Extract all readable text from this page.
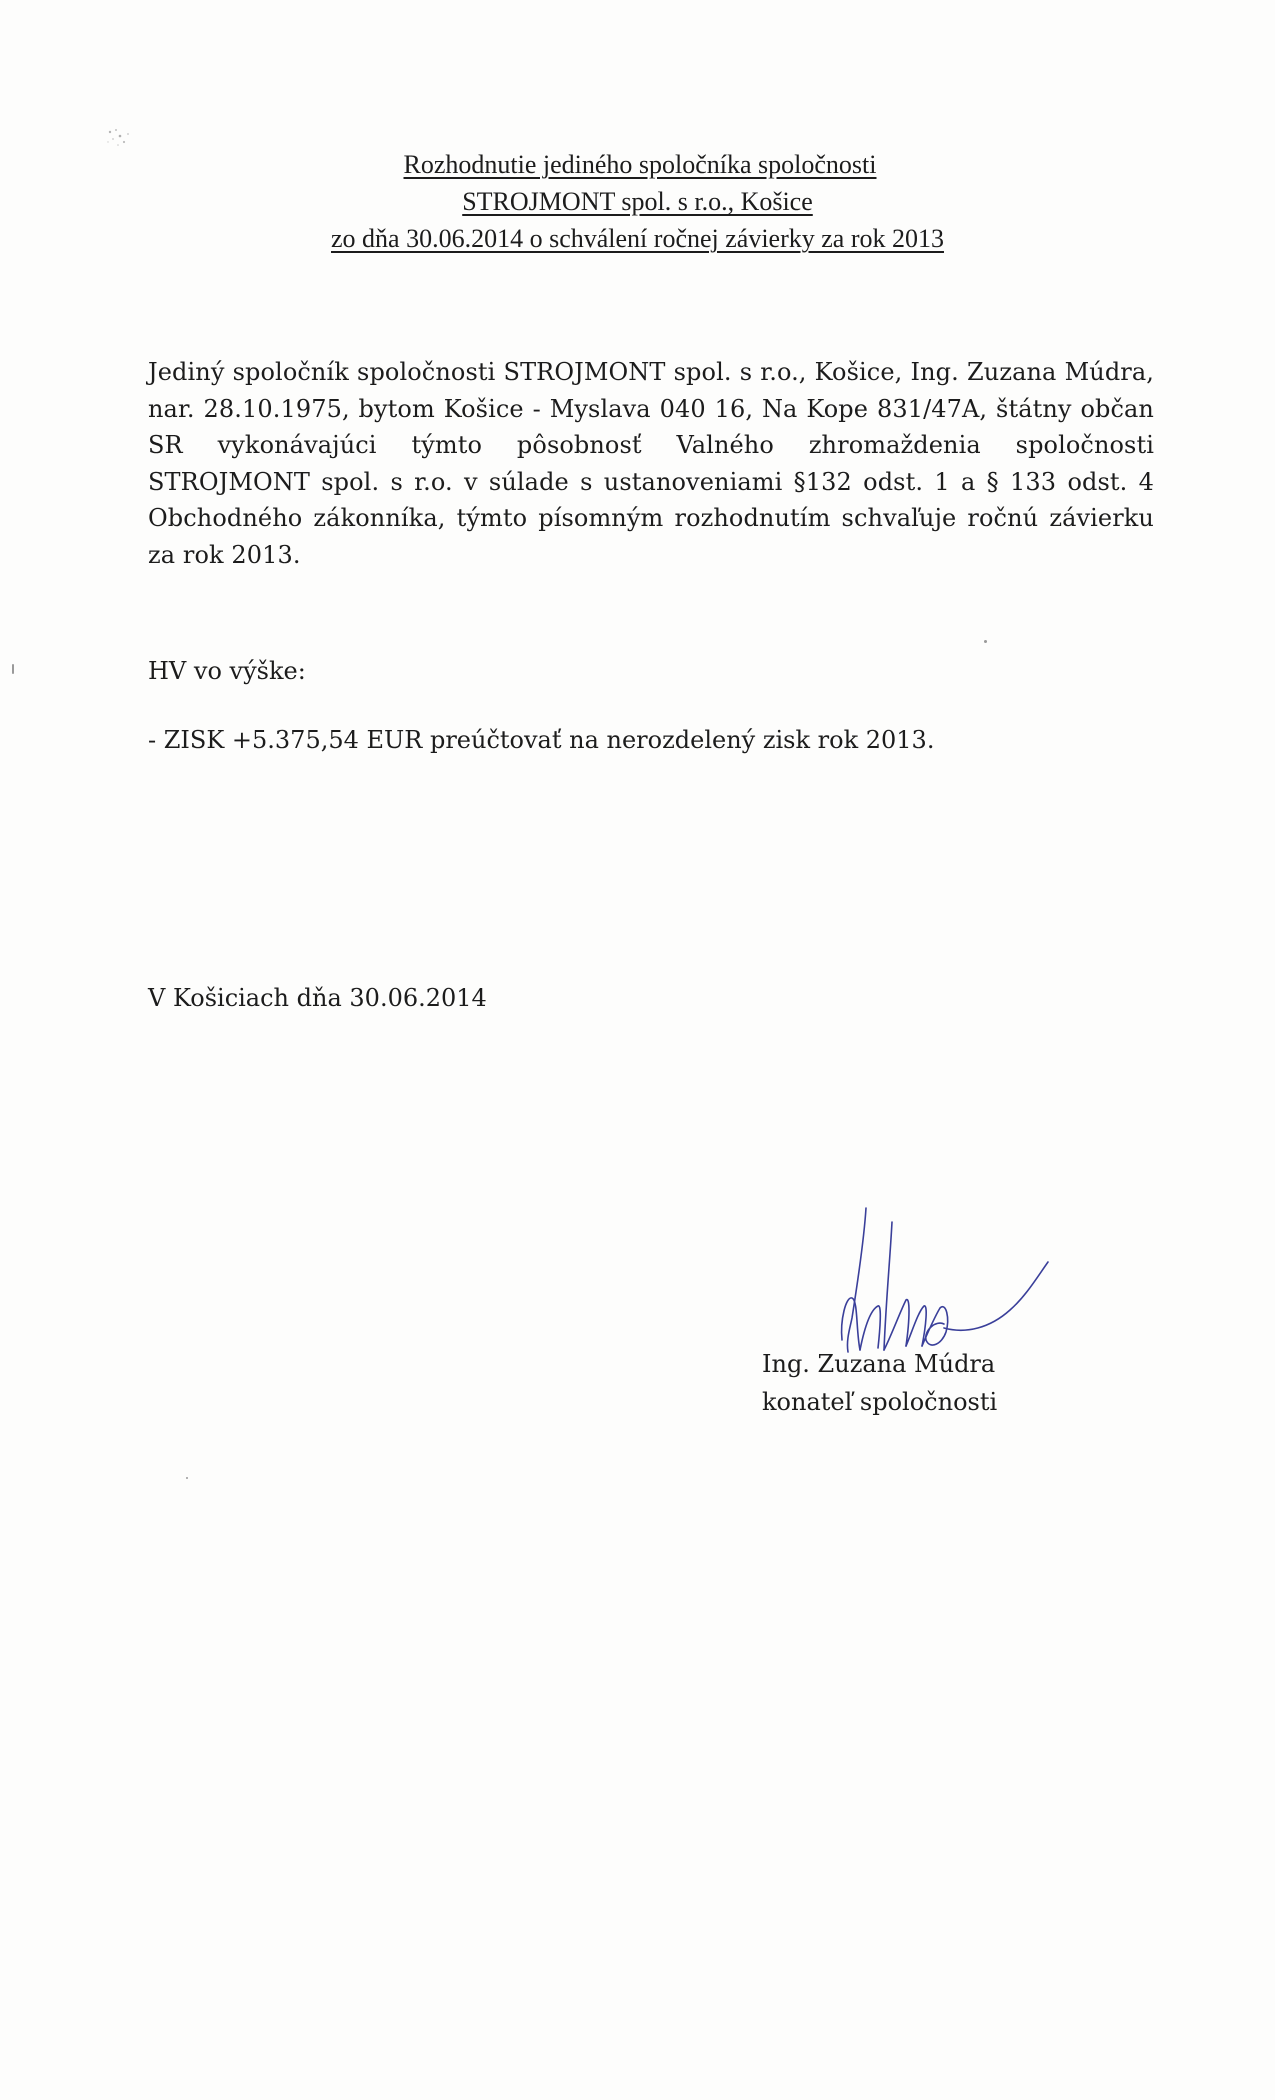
Rozhodnutie jediného spoločníka spoločnosti
STROJMONT spol. s r.o., Košice
zo dňa 30.06.2014 o schválení ročnej závierky za rok 2013
Jediný spoločník spoločnosti STROJMONT spol. s r.o., Košice, Ing. Zuzana Múdra, nar. 28.10.1975, bytom Košice - Myslava 040 16, Na Kope 831/47A, štátny občan SR vykonávajúci týmto pôsobnosť Valného zhromaždenia spoločnosti STROJMONT spol. s r.o. v súlade s ustanoveniami §132 odst. 1 a § 133 odst. 4 Obchodného zákonníka, týmto písomným rozhodnutím schvaľuje ročnú závierku za rok 2013.
HV vo výške:
- ZISK +5.375,54 EUR preúčtovať na nerozdelený zisk rok 2013.
V Košiciach dňa 30.06.2014
Ing. Zuzana Múdra
konateľ spoločnosti
